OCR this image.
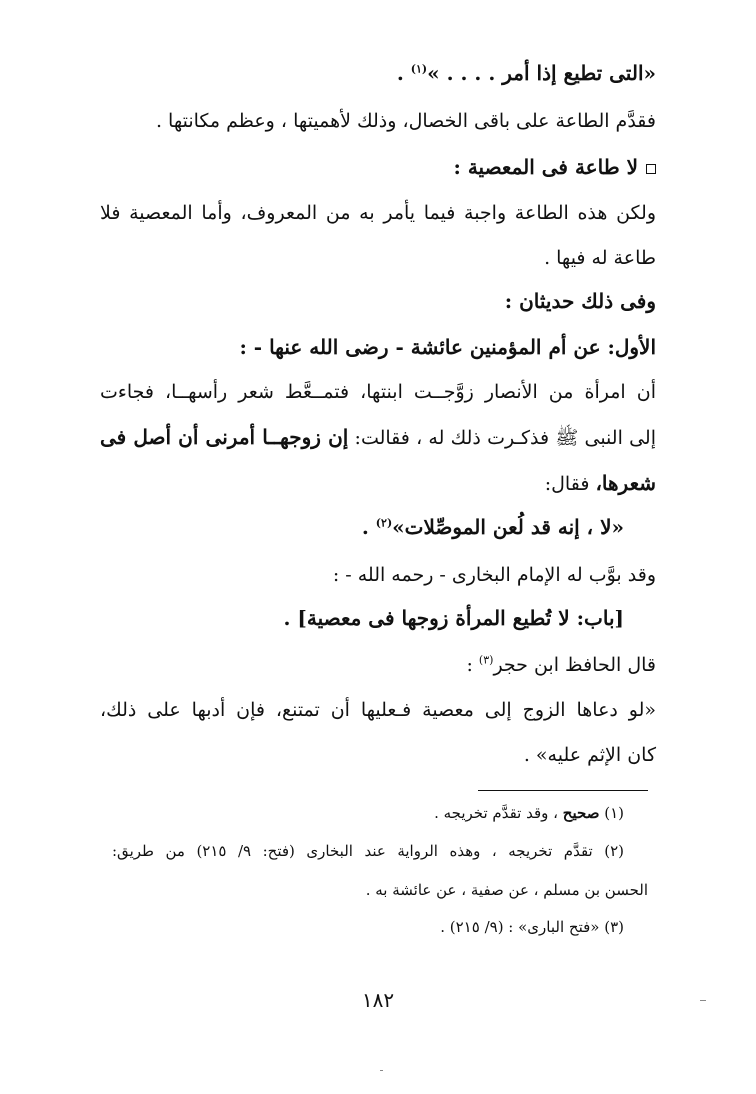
«التى تطيع إذا أمر . . . . »$^{(١)}$ .
فقدَّم الطاعة على باقى الخصال، وذلك لأهميتها ، وعظم مكانتها .
لا طاعة فى المعصية :
ولكن هذه الطاعة واجبة فيما يأمر به من المعروف، وأما المعصية فلا
طاعة له فيها .
وفى ذلك حديثان :
الأول: عن أم المؤمنين عائشة - رضى الله عنها - :
أن امرأة من الأنصار زوَّجــت ابنتها، فتمــعَّط شعر رأسهــا، فجاءت
إلى النبى ﷺ فذكـرت ذلك له ، فقالت: إن زوجهــا أمرنى أن أصل فى
شعرها، فقال:
«لا ، إنه قد لُعن الموصِّلات»$^{(٢)}$ .
وقد بوَّب له الإمام البخارى - رحمه الله - :
[باب: لا تُطيع المرأة زوجها فى معصية] .
قال الحافظ ابن حجر$^{(٣)}$ :
«لو دعاها الزوج إلى معصية فـعليها أن تمتنع، فإن أدبها على ذلك،
كان الإثم عليه» .
(١) صحيح ، وقد تقدَّم تخريجه .
(٢) تقدَّم تخريجه ، وهذه الرواية عند البخارى (فتح: ٩/ ٢١٥) من طريق:
الحسن بن مسلم ، عن صفية ، عن عائشة به .
(٣) «فتح البارى» : (٩/ ٢١٥) .
١٨٢
